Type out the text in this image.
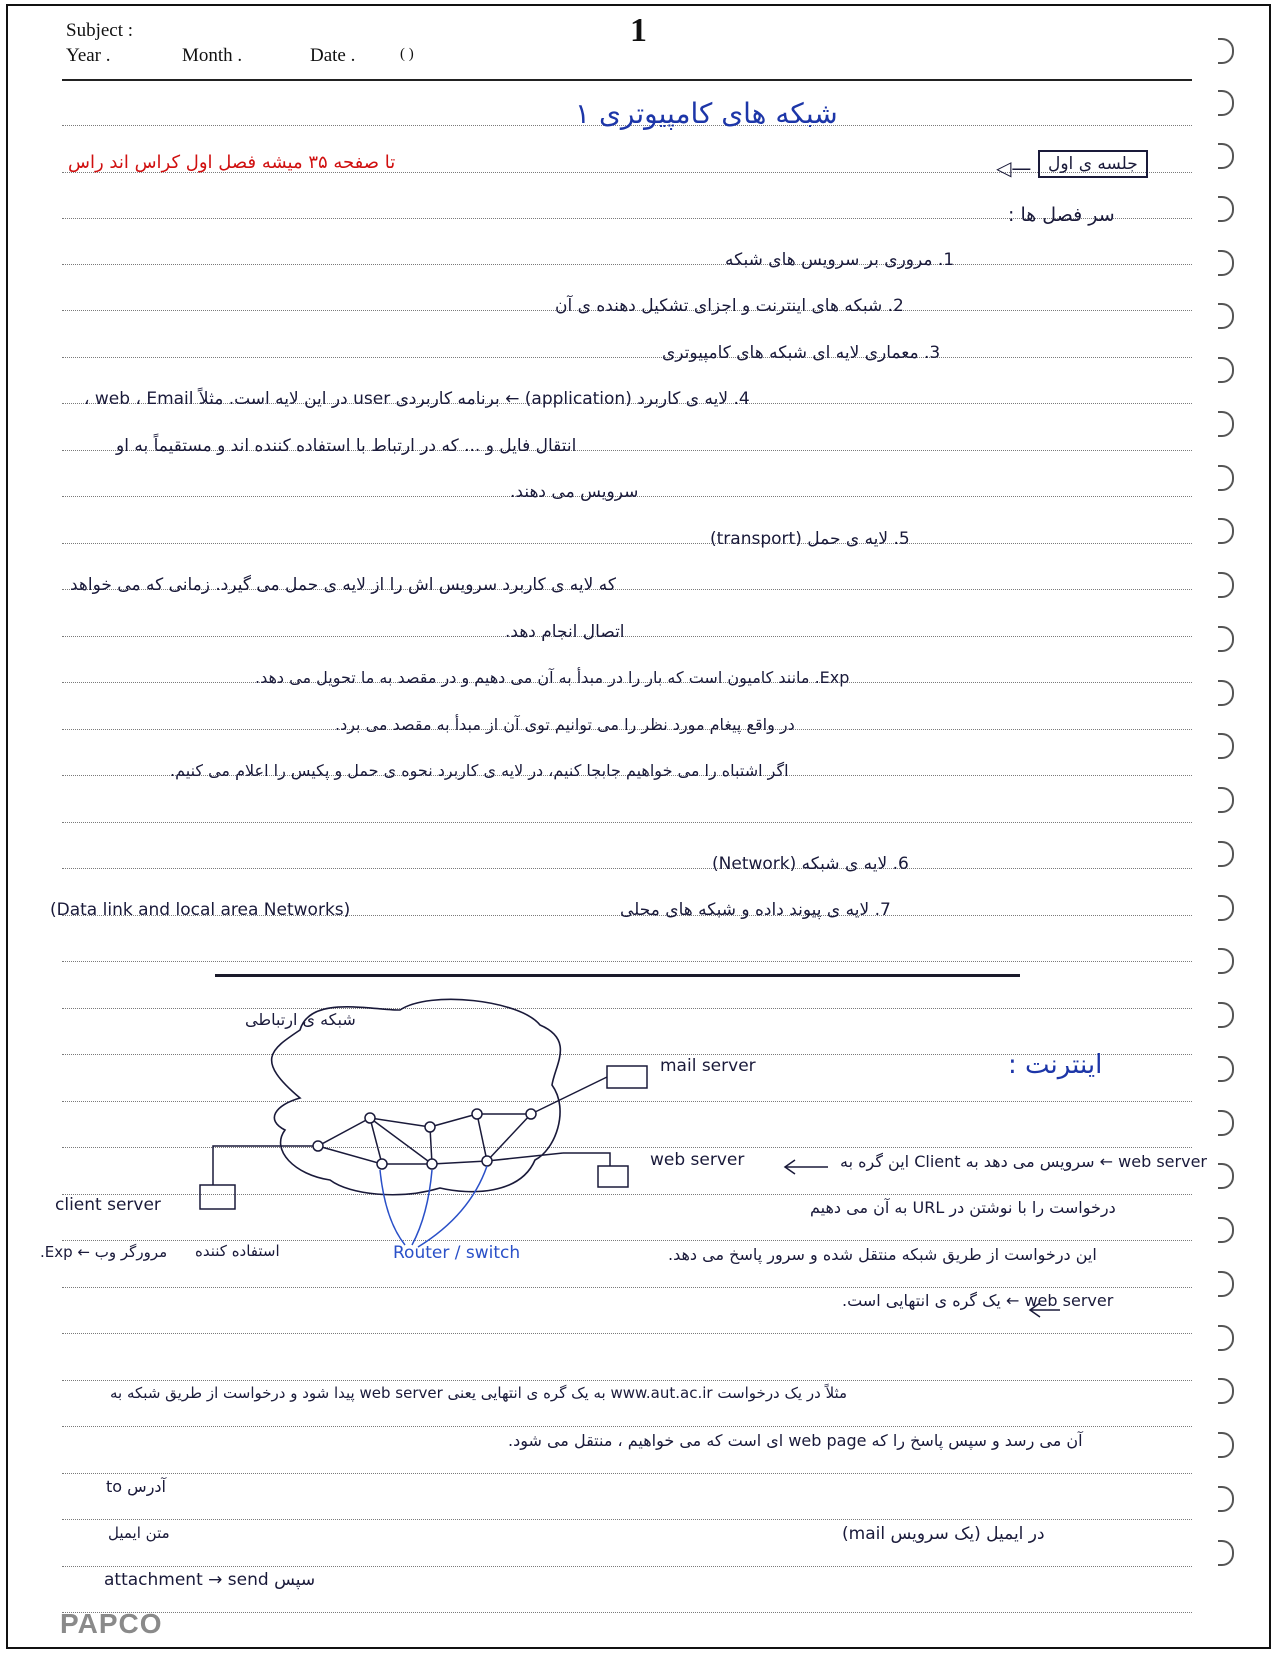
Subject :
Year .	Month .	Date .	( )
1
شبکه های کامپیوتری ۱
تا صفحه ۳۵ میشه فصل اول کراس اند راس	جلسه ی اول
◁—
سر فصل ها :
1. مروری بر سرویس های شبکه
2. شبکه های اینترنت و اجزای تشکیل دهنده ی آن
3. معماری لایه ای شبکه های کامپیوتری
4. لایه ی کاربرد (application) ← برنامه کاربردی user در این لایه است. مثلاً web ، Email ،
انتقال فایل و ... که در ارتباط با استفاده کننده اند و مستقیماً به او
سرویس می دهند.
5. لایه ی حمل (transport)
که لایه ی کاربرد سرویس اش را از لایه ی حمل می گیرد. زمانی که می خواهد
اتصال انجام دهد.
Exp. مانند کامیون است که بار را در مبدأ به آن می دهیم و در مقصد به ما تحویل می دهد.
در واقع پیغام مورد نظر را می توانیم توی آن از مبدأ به مقصد می برد.
اگر اشتباه را می خواهیم جابجا کنیم، در لایه ی کاربرد نحوه ی حمل و پکیس را اعلام می کنیم.
6. لایه ی شبکه (Network)
7. لایه ی پیوند داده و شبکه های محلی
(Data link and local area Networks)
شبکه ی ارتباطی
mail server
web server
client server
Router / switch
استفاده کننده
مرورگر وب ← Exp.
اینترنت :
web server ← سرویس می دهد به Client این گره به
درخواست را با نوشتن در URL به آن می دهیم
این درخواست از طریق شبکه منتقل شده و سرور پاسخ می دهد.
web server ← یک گره ی انتهایی است.
مثلاً در یک درخواست www.aut.ac.ir به یک گره ی انتهایی یعنی web server پیدا شود و درخواست از طریق شبکه به
آن می رسد و سپس پاسخ را که web page ای است که می خواهیم ، منتقل می شود.
to آدرس
متن ایمیل	در ایمیل (یک سرویس mail)
attachment → send سپس
PAPCO
